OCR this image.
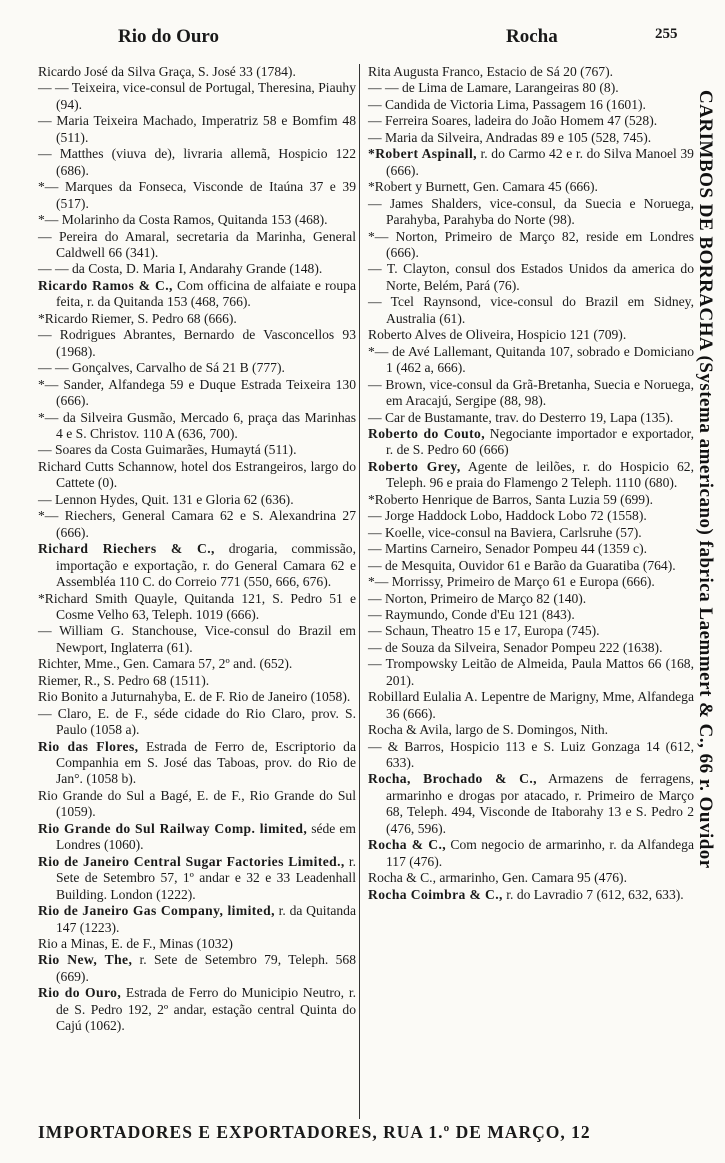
Rio do Ouro	Rocha	255

Ricardo José da Silva Graça, S. José 33 (1784).

— — Teixeira, vice-consul de Portugal, Theresina, Piauhy (94).

— Maria Teixeira Machado, Imperatriz 58 e Bomfim 48 (511).

— Matthes (viuva de), livraria allemã, Hospicio 122 (686).

*— Marques da Fonseca, Visconde de Itaúna 37 e 39 (517).

*— Molarinho da Costa Ramos, Quitanda 153 (468).

— Pereira do Amaral, secretaria da Marinha, General Caldwell 66 (341).

— — da Costa, D. Maria I, Andarahy Grande (148).

Ricardo Ramos & C., Com officina de alfaiate e roupa feita, r. da Quitanda 153 (468, 766).

*Ricardo Riemer, S. Pedro 68 (666).

— Rodrigues Abrantes, Bernardo de Vasconcellos 93 (1968).

— — Gonçalves, Carvalho de Sá 21 B (777).

*— Sander, Alfandega 59 e Duque Estrada Teixeira 130 (666).

*— da Silveira Gusmão, Mercado 6, praça das Marinhas 4 e S. Christov. 110 A (636, 700).

— Soares da Costa Guimarães, Humaytá (511).

Richard Cutts Schannow, hotel dos Estrangeiros, largo do Cattete (0).

— Lennon Hydes, Quit. 131 e Gloria 62 (636).

*— Riechers, General Camara 62 e S. Alexandrina 27 (666).

Richard Riechers & C., drogaria, commissão, importação e exportação, r. do General Camara 62 e Assembléa 110 C. do Correio 771 (550, 666, 676).

*Richard Smith Quayle, Quitanda 121, S. Pedro 51 e Cosme Velho 63, Teleph. 1019 (666).

— William G. Stanchouse, Vice-consul do Brazil em Newport, Inglaterra (61).

Richter, Mme., Gen. Camara 57, 2º and. (652).

Riemer, R., S. Pedro 68 (1511).

Rio Bonito a Juturnahyba, E. de F. Rio de Janeiro (1058).

— Claro, E. de F., séde cidade do Rio Claro, prov. S. Paulo (1058 a).

Rio das Flores, Estrada de Ferro de, Escriptorio da Companhia em S. José das Taboas, prov. do Rio de Jan°. (1058 b).

Rio Grande do Sul a Bagé, E. de F., Rio Grande do Sul (1059).

Rio Grande do Sul Railway Comp. limited, séde em Londres (1060).

Rio de Janeiro Central Sugar Factories Limited., r. Sete de Setembro 57, 1º andar e 32 e 33 Leadenhall Building. London (1222).

Rio de Janeiro Gas Company, limited, r. da Quitanda 147 (1223).

Rio a Minas, E. de F., Minas (1032)

Rio New, The, r. Sete de Setembro 79, Teleph. 568 (669).

Rio do Ouro, Estrada de Ferro do Municipio Neutro, r. de S. Pedro 192, 2º andar, estação central Quinta do Cajú (1062).

Rita Augusta Franco, Estacio de Sá 20 (767).

— — de Lima de Lamare, Larangeiras 80 (8).

— Candida de Victoria Lima, Passagem 16 (1601).

— Ferreira Soares, ladeira do João Homem 47 (528).

— Maria da Silveira, Andradas 89 e 105 (528, 745).

*Robert Aspinall, r. do Carmo 42 e r. do Silva Manoel 39 (666).

*Robert y Burnett, Gen. Camara 45 (666).

— James Shalders, vice-consul, da Suecia e Noruega, Parahyba, Parahyba do Norte (98).

*— Norton, Primeiro de Março 82, reside em Londres (666).

— T. Clayton, consul dos Estados Unidos da america do Norte, Belém, Pará (76).

— Tcel Raynsond, vice-consul do Brazil em Sidney, Australia (61).

Roberto Alves de Oliveira, Hospicio 121 (709).

*— de Avé Lallemant, Quitanda 107, sobrado e Domiciano 1 (462 a, 666).

— Brown, vice-consul da Grã-Bretanha, Suecia e Noruega, em Aracajú, Sergipe (88, 98).

— Car de Bustamante, trav. do Desterro 19, Lapa (135).

Roberto do Couto, Negociante importador e exportador, r. de S. Pedro 60 (666)

Roberto Grey, Agente de leilões, r. do Hospicio 62, Teleph. 96 e praia do Flamengo 2 Teleph. 1110 (680).

*Roberto Henrique de Barros, Santa Luzia 59 (699).

— Jorge Haddock Lobo, Haddock Lobo 72 (1558).

— Koelle, vice-consul na Baviera, Carlsruhe (57).

— Martins Carneiro, Senador Pompeu 44 (1359 c).

— de Mesquita, Ouvidor 61 e Barão da Guaratiba (764).

*— Morrissy, Primeiro de Março 61 e Europa (666).

— Norton, Primeiro de Março 82 (140).

— Raymundo, Conde d'Eu 121 (843).

— Schaun, Theatro 15 e 17, Europa (745).

— de Souza da Silveira, Senador Pompeu 222 (1638).

— Trompowsky Leitão de Almeida, Paula Mattos 66 (168, 201).

Robillard Eulalia A. Lepentre de Marigny, Mme, Alfandega 36 (666).

Rocha & Avila, largo de S. Domingos, Nith.

— & Barros, Hospicio 113 e S. Luiz Gonzaga 14 (612, 633).

Rocha, Brochado & C., Armazens de ferragens, armarinho e drogas por atacado, r. Primeiro de Março 68, Teleph. 494, Visconde de Itaborahy 13 e S. Pedro 2 (476, 596).

Rocha & C., Com negocio de armarinho, r. da Alfandega 117 (476).

Rocha & C., armarinho, Gen. Camara 95 (476).

Rocha Coimbra & C., r. do Lavradio 7 (612, 632, 633).

CARIMBOS DE BORRACHA (Systema americano) fabrica Laemmert & C., 66 r. Ouvidor
IMPORTADORES E EXPORTADORES, RUA 1.º DE MARÇO, 12
